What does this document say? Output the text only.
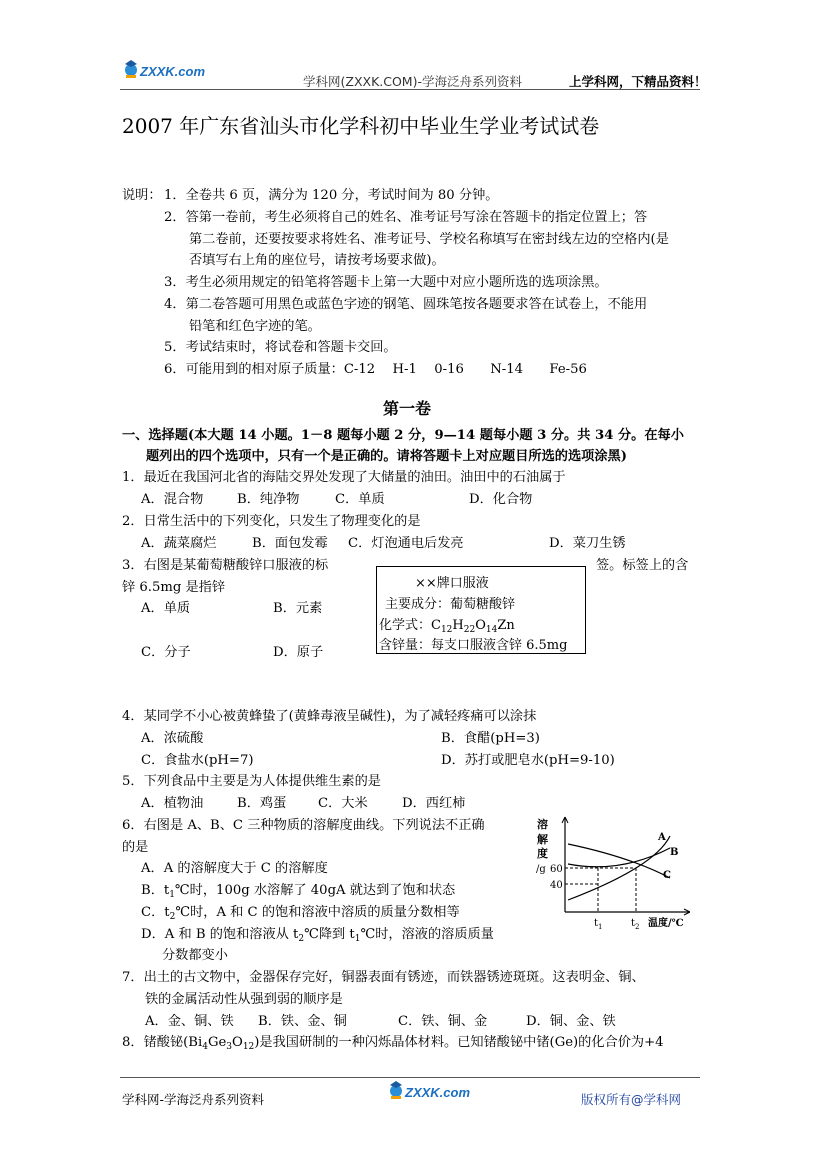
ZXXK.com
学科网(ZXXK.COM)-学海泛舟系列资料	上学科网，下精品资料！
2007 年广东省汕头市化学科初中毕业生学业考试试卷
说明： 1．全卷共 6 页，满分为 120 分，考试时间为 80 分钟。
2．答第一卷前，考生必须将自己的姓名、准考证号写涂在答题卡的指定位置上；答
第二卷前，还要按要求将姓名、准考证号、学校名称填写在密封线左边的空格内(是
否填写右上角的座位号，请按考场要求做)。
3．考生必须用规定的铅笔将答题卡上第一大题中对应小题所选的选项涂黑。
4．第二卷答题可用黑色或蓝色字迹的钢笔、圆珠笔按各题要求答在试卷上，不能用
铅笔和红色字迹的笔。
5．考试结束时，将试卷和答题卡交回。
6．可能用到的相对原子质量：C-12　 H-1　 0-16　　N-14　　Fe-56
第一卷
一、选择题(本大题 14 小题。1－8 题每小题 2 分，9—14 题每小题 3 分。共 34 分。在每小
题列出的四个选项中，只有一个是正确的。请将答题卡上对应题目所选的选项涂黑)
1．最近在我国河北省的海陆交界处发现了大储量的油田。油田中的石油属于
A．混合物	B．纯净物	C．单质	D．化合物
2．日常生活中的下列变化，只发生了物理变化的是
A．蔬菜腐烂	B．面包发霉 C．灯泡通电后发亮	D．菜刀生锈
3．右图是某葡萄糖酸锌口服液的标	签。标签上的含
锌 6.5mg 是指锌
A．单质	B．元素
C．分子	D．原子
××牌口服液
主要成分：葡萄糖酸锌
化学式：$C_{12}H_{22}O_{14}Zn$
含锌量：每支口服液含锌 6.5mg
4．某同学不小心被黄蜂蛰了(黄蜂毒液呈碱性)，为了减轻疼痛可以涂抹
A．浓硫酸	B．食醋(pH=3)
C．食盐水(pH=7)	D．苏打或肥皂水(pH=9-10)
5．下列食品中主要是为人体提供维生素的是
A．植物油	B．鸡蛋 C．大米	D．西红柿
6．右图是 A、B、C 三种物质的溶解度曲线。下列说法不正确
的是
A．A 的溶解度大于 C 的溶解度
B．$t_1℃$时，100g 水溶解了 40gA 就达到了饱和状态
C．$t_2℃$时，A 和 C 的饱和溶液中溶质的质量分数相等
D．A 和 B 的饱和溶液从 $t_2℃$降到 $t_1℃$时，溶液的溶质质量
分数都变小
溶
解
度
/g 60
40
A
B
C
$t_1$	$t_2$ 温度/℃
7．出土的古文物中，金器保存完好，铜器表面有锈迹，而铁器锈迹斑斑。这表明金、铜、
铁的金属活动性从强到弱的顺序是
A．金、铜、铁 B．铁、金、铜	C．铁、铜、金	D．铜、金、铁
8．锗酸铋$(Bi_4Ge_3O_{12})$是我国研制的一种闪烁晶体材料。已知锗酸铋中锗(Ge)的化合价为+4
学科网-学海泛舟系列资料	ZXXK.com	版权所有@学科网
